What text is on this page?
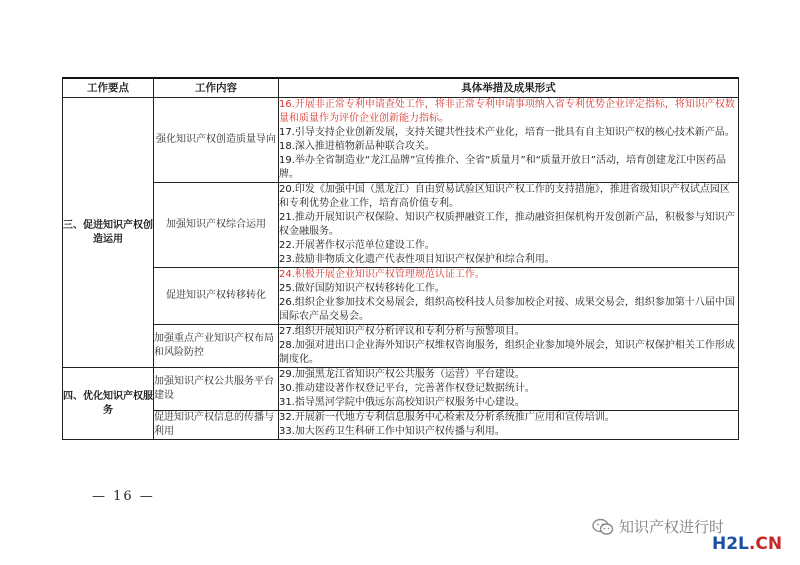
工作要点	工作内容	具体举措及成果形式
三、促进知识产权创造运用	强化知识产权创造质量导向	16.开展非正常专利申请查处工作，将非正常专利申请事项纳入省专利优势企业评定指标，将知识产权数量和质量作为评价企业创新能力指标。
17.引导支持企业创新发展，支持关键共性技术产业化，培育一批具有自主知识产权的核心技术新产品。
18.深入推进植物新品种联合攻关。
19.举办全省制造业“龙江品牌”宣传推介、全省“质量月”和“质量开放日”活动，培育创建龙江中医药品牌。

	加强知识产权综合运用	20.印发《加强中国（黑龙江）自由贸易试验区知识产权工作的支持措施》，推进省级知识产权试点园区和专利优势企业工作，培育高价值专利。
21.推动开展知识产权保险、知识产权质押融资工作，推动融资担保机构开发创新产品，积极参与知识产权金融服务。
22.开展著作权示范单位建设工作。
23.鼓励非物质文化遗产代表性项目知识产权保护和综合利用。

	促进知识产权转移转化	24.积极开展企业知识产权管理规范认证工作。
25.做好国防知识产权转移转化工作。
26.组织企业参加技术交易展会，组织高校科技人员参加校企对接、成果交易会，组织参加第十八届中国国际农产品交易会。

	加强重点产业知识产权布局和风险防控	27.组织开展知识产权分析评议和专利分析与预警项目。
28.加强对进出口企业海外知识产权维权咨询服务，组织企业参加境外展会，知识产权保护相关工作形成制度化。

四、优化知识产权服务	加强知识产权公共服务平台建设	29.加强黑龙江省知识产权公共服务（运营）平台建设。
30.推动建设著作权登记平台，完善著作权登记数据统计。
31.指导黑河学院中俄远东高校知识产权服务中心建设。

	促进知识产权信息的传播与利用	32.开展新一代地方专利信息服务中心检索及分析系统推广应用和宣传培训。
33.加大医药卫生科研工作中知识产权传播与利用。
— 16 —
知识产权进行时
H2L.CN
